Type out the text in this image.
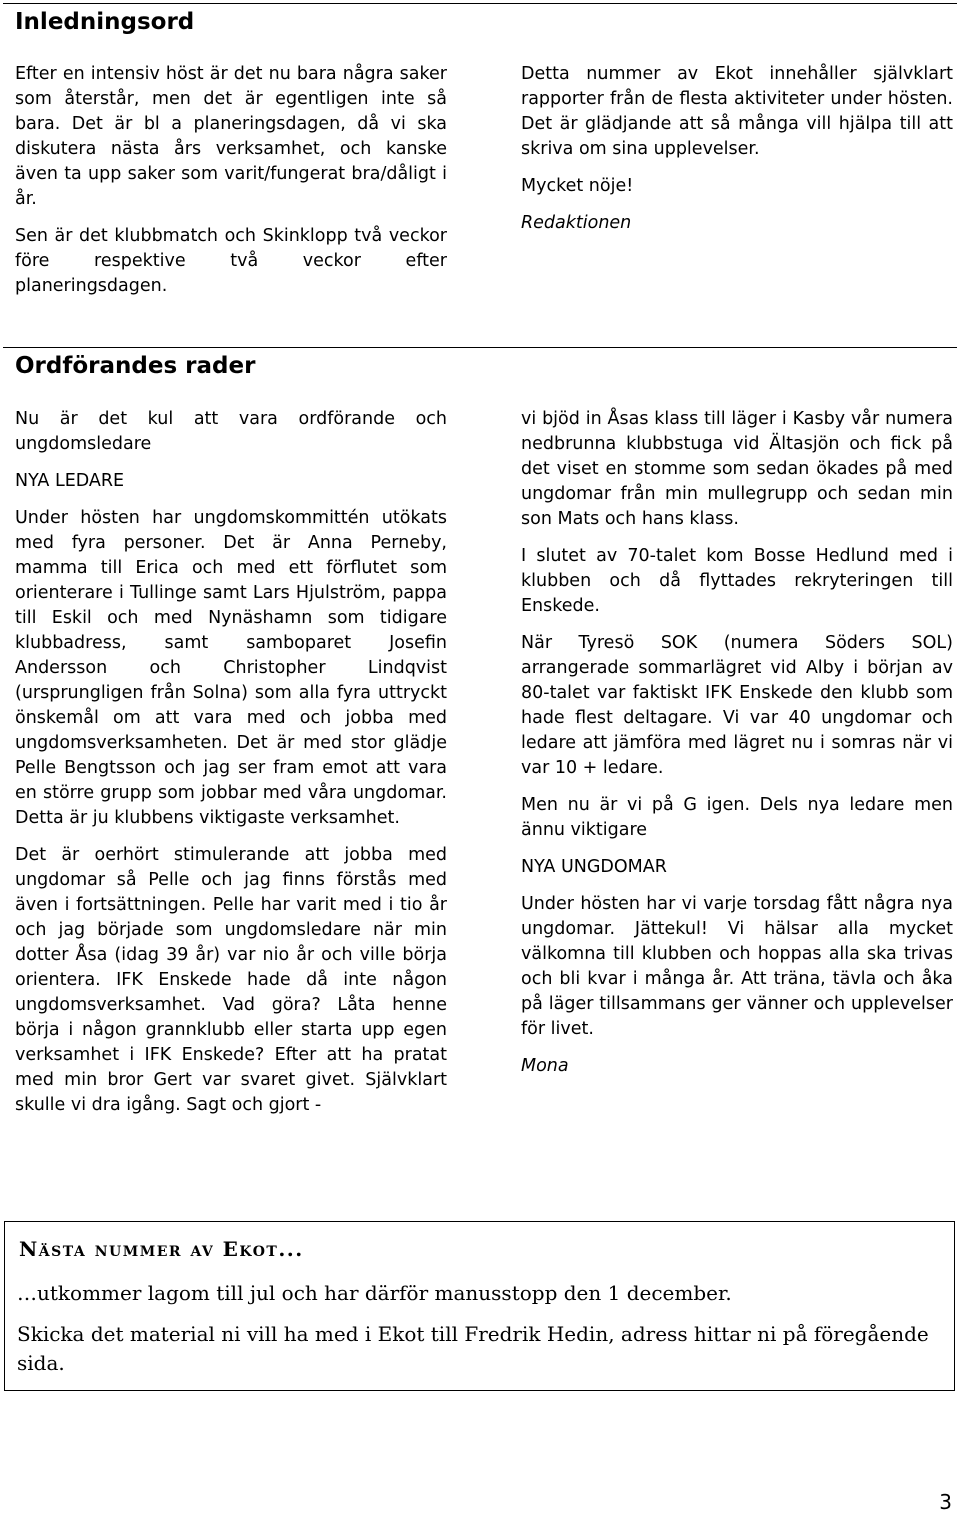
Inledningsord

Efter en intensiv höst är det nu bara några saker som återstår, men det är egentligen inte så bara. Det är bl a planeringsdagen, då vi ska diskutera nästa års verksamhet, och kanske även ta upp saker som varit/fungerat bra/dåligt i år.

Sen är det klubbmatch och Skinklopp två veckor före respektive två veckor efter planeringsdagen.

Detta nummer av Ekot innehåller självklart rapporter från de flesta aktiviteter under hösten. Det är glädjande att så många vill hjälpa till att skriva om sina upplevelser.

Mycket nöje!

Redaktionen

Ordförandes rader

Nu är det kul att vara ordförande och ungdomsledare

NYA LEDARE

Under hösten har ungdomskommittén utökats med fyra personer. Det är Anna Perneby, mamma till Erica och med ett förflutet som orienterare i Tullinge samt Lars Hjulström, pappa till Eskil och med Nynäshamn som tidigare klubbadress, samt samboparet Josefin Andersson och Christopher Lindqvist (ursprungligen från Solna) som alla fyra uttryckt önskemål om att vara med och jobba med ungdomsverksamheten. Det är med stor glädje Pelle Bengtsson och jag ser fram emot att vara en större grupp som jobbar med våra ungdomar. Detta är ju klubbens viktigaste verksamhet.

Det är oerhört stimulerande att jobba med ungdomar så Pelle och jag finns förstås med även i fortsättningen. Pelle har varit med i tio år och jag började som ungdomsledare när min dotter Åsa (idag 39 år) var nio år och ville börja orientera. IFK Enskede hade då inte någon ungdomsverksamhet. Vad göra? Låta henne börja i någon grannklubb eller starta upp egen verksamhet i IFK Enskede? Efter att ha pratat med min bror Gert var svaret givet. Självklart skulle vi dra igång. Sagt och gjort -

vi bjöd in Åsas klass till läger i Kasby vår numera nedbrunna klubbstuga vid Ältasjön och fick på det viset en stomme som sedan ökades på med ungdomar från min mullegrupp och sedan min son Mats och hans klass.

I slutet av 70-talet kom Bosse Hedlund med i klubben och då flyttades rekryteringen till Enskede.

När Tyresö SOK (numera Söders SOL) arrangerade sommarlägret vid Alby i början av 80-talet var faktiskt IFK Enskede den klubb som hade flest deltagare. Vi var 40 ungdomar och ledare att jämföra med lägret nu i somras när vi var 10 + ledare.

Men nu är vi på G igen. Dels nya ledare men ännu viktigare

NYA UNGDOMAR

Under hösten har vi varje torsdag fått några nya ungdomar. Jättekul! Vi hälsar alla mycket välkomna till klubben och hoppas alla ska trivas och bli kvar i många år. Att träna, tävla och åka på läger tillsammans ger vänner och upplevelser för livet.

Mona

Nästa nummer av Ekot...
…utkommer lagom till jul och har därför manusstopp den 1 december.
Skicka det material ni vill ha med i Ekot till Fredrik Hedin, adress hittar ni på föregående sida.
3
